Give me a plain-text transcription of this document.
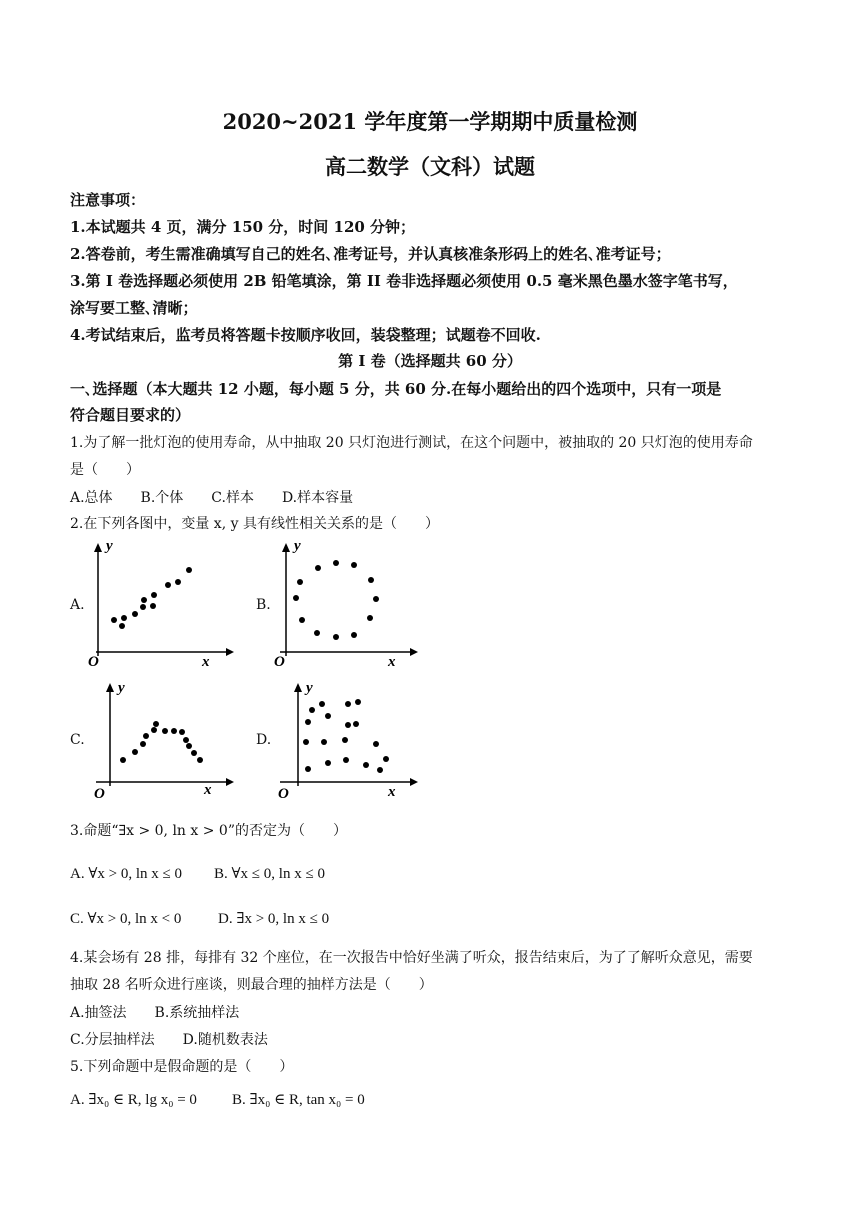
2020~2021 学年度第一学期期中质量检测
高二数学（文科）试题
注意事项：
1.本试题共 4 页，满分 150 分，时间 120 分钟；
2.答卷前，考生需准确填写自己的姓名､准考证号，并认真核准条形码上的姓名､准考证号；
3.第 I 卷选择题必须使用 2B 铅笔填涂，第 II 卷非选择题必须使用 0.5 毫米黑色墨水签字笔书写，
涂写要工整､清晰；
4.考试结束后，监考员将答题卡按顺序收回，装袋整理；试题卷不回收.
第 I 卷（选择题共 60 分）
一､选择题（本大题共 12 小题，每小题 5 分，共 60 分.在每小题给出的四个选项中，只有一项是
符合题目要求的）
1.为了解一批灯泡的使用寿命，从中抽取 20 只灯泡进行测试，在这个问题中，被抽取的 20 只灯泡的使用寿命
是（　　）
A.总体　　B.个体　　C.样本　　D.样本容量
2.在下列各图中，变量 x, y 具有线性相关关系的是（　　）
A.	B.
C.	D.
y
x
O
y
x
O
y
x
O
y
x
O
3.命题“∃x > 0, ln x > 0”的否定为（　　）
A. ∀x > 0, ln x ≤ 0 B. ∀x ≤ 0, ln x ≤ 0
C. ∀x > 0, ln x < 0 D. ∃x > 0, ln x ≤ 0
4.某会场有 28 排，每排有 32 个座位，在一次报告中恰好坐满了听众，报告结束后，为了了解听众意见，需要
抽取 28 名听众进行座谈，则最合理的抽样方法是（　　）
A.抽签法　　B.系统抽样法
C.分层抽样法　　D.随机数表法
5.下列命题中是假命题的是（　　）
A. ∃x₀ ∈ R, lg x₀ = 0 B. ∃x₀ ∈ R, tan x₀ = 0
